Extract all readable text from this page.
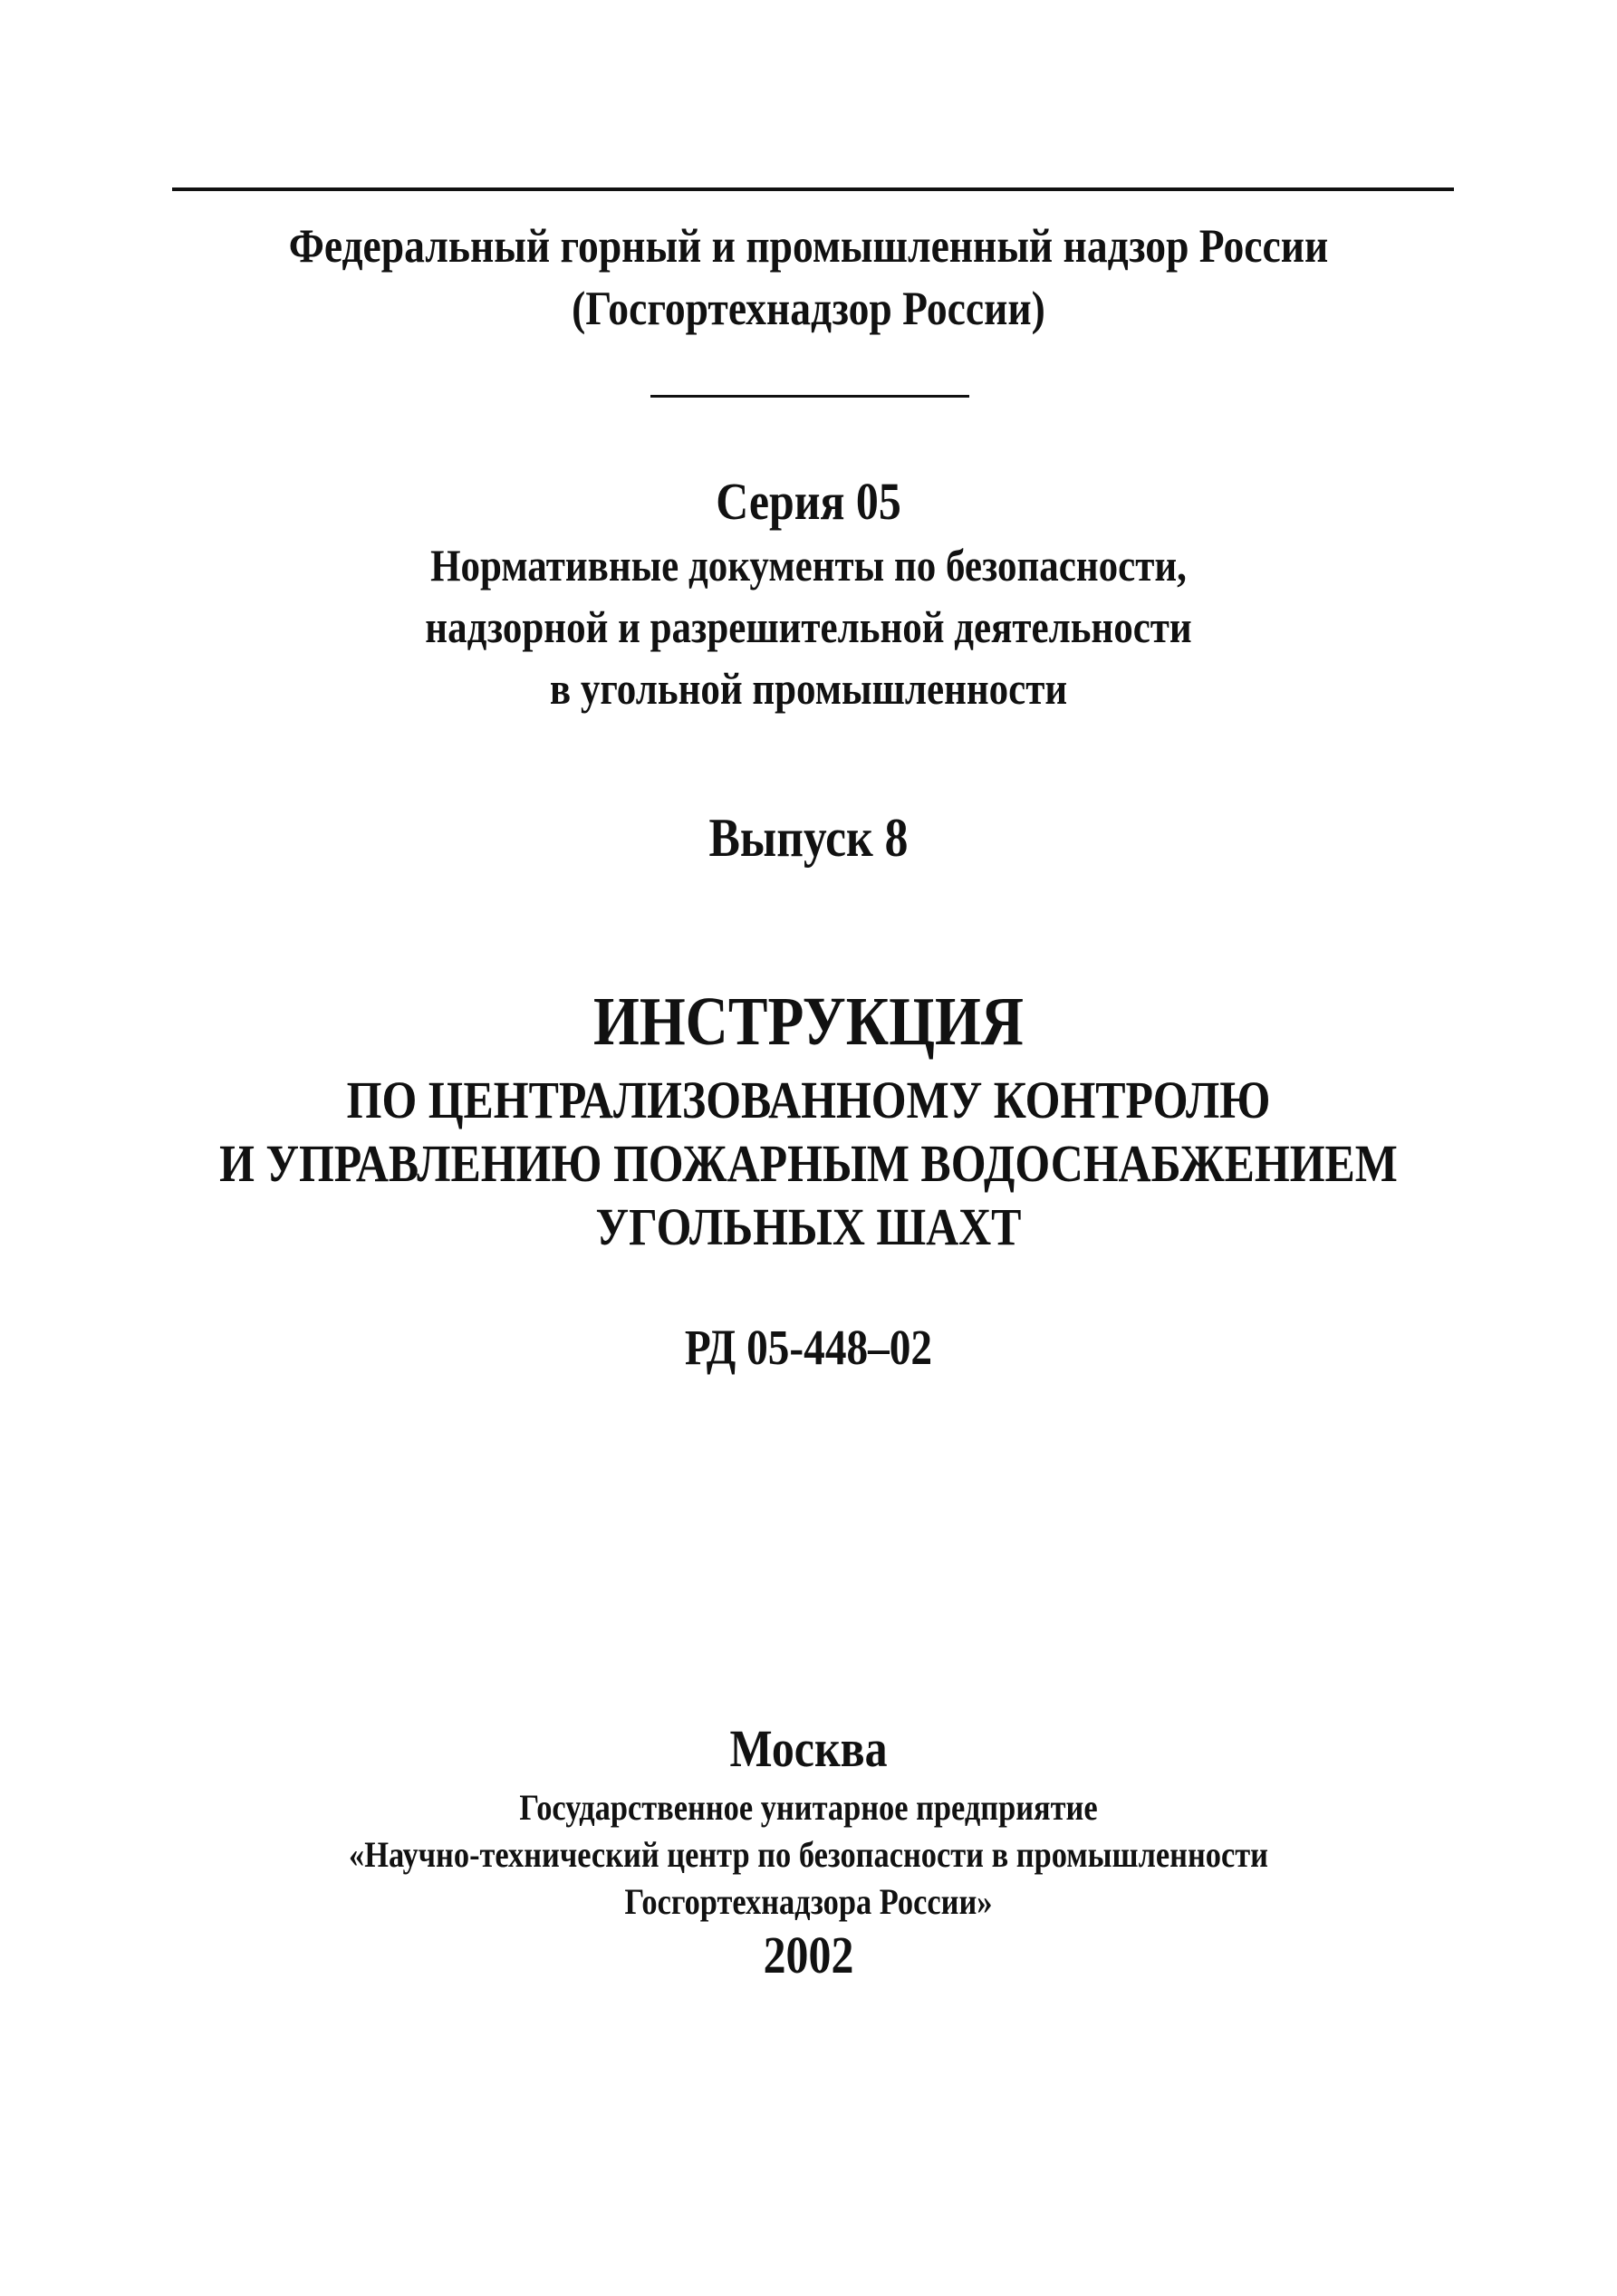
Федеральный горный и промышленный надзор России
(Госгортехнадзор России)
Серия 05
Нормативные документы по безопасности,
надзорной и разрешительной деятельности
в угольной промышленности
Выпуск 8
ИНСТРУКЦИЯ
ПО ЦЕНТРАЛИЗОВАННОМУ КОНТРОЛЮ
И УПРАВЛЕНИЮ ПОЖАРНЫМ ВОДОСНАБЖЕНИЕМ
УГОЛЬНЫХ ШАХТ
РД 05-448–02
Москва
Государственное унитарное предприятие
«Научно-технический центр по безопасности в промышленности
Госгортехнадзора России»
2002
